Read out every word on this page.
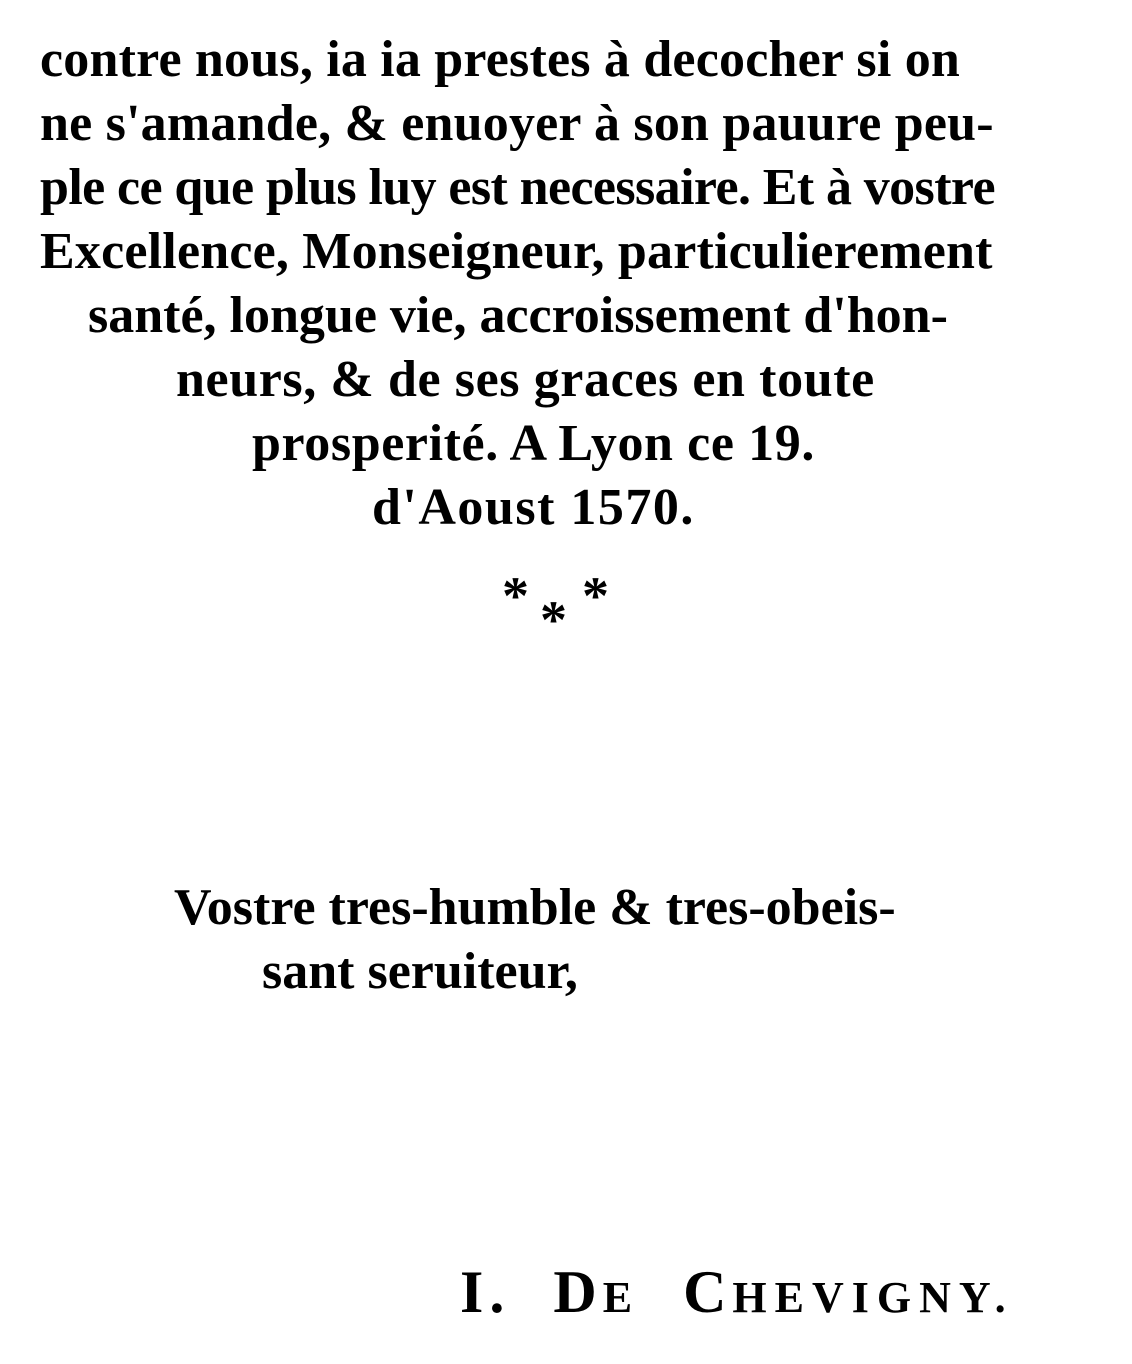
contre nous, ia ia prestes à decocher si on
ne s'amande, & enuoyer à son pauure peu-
ple ce que plus luy est necessaire. Et à vostre
Excellence, Monseigneur, particulierement
santé, longue vie, accroissement d'hon-
neurs, & de ses graces en toute
prosperité. A Lyon ce 19.
d'Aoust 1570.
* * *
Vostre tres-humble & tres-obeis-
sant seruiteur,
I. DE CHEVIGNY.
